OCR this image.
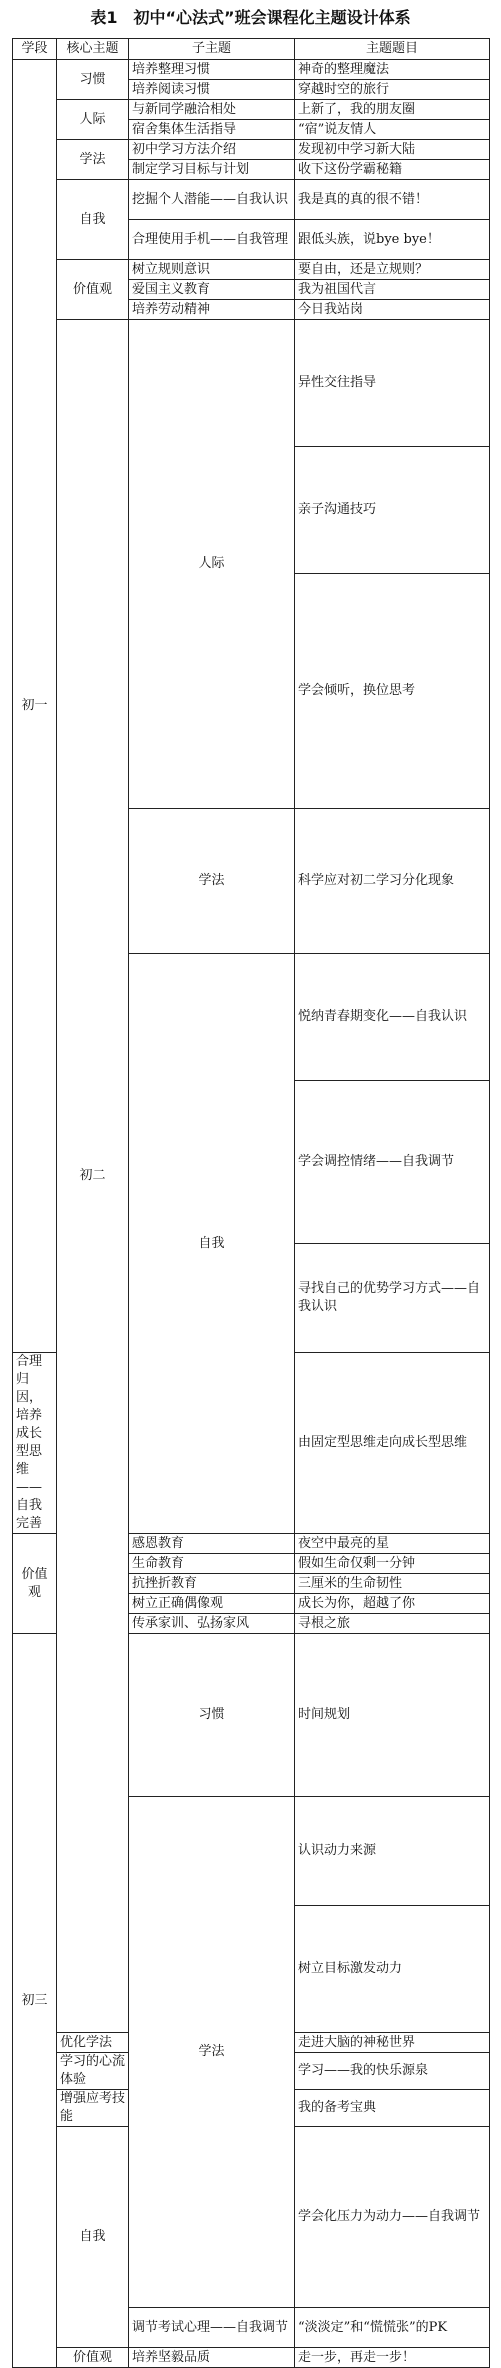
表1　初中“心法式”班会课程化主题设计体系
学段	核心主题	子主题	主题题目	
初一	习惯	培养整理习惯	神奇的整理魔法	
		培养阅读习惯	穿越时空的旅行	
	人际	与新同学融洽相处	上新了，我的朋友圈	
		宿舍集体生活指导	“宿”说友情人	
	学法	初中学习方法介绍	发现初中学习新大陆	
		制定学习目标与计划	收下这份学霸秘籍	
	自我	挖掘个人潜能——自我认识	我是真的真的很不错！	
		合理使用手机——自我管理	跟低头族，说bye bye！	
	价值观	树立规则意识	要自由，还是立规则？	
		爱国主义教育	我为祖国代言	
		培养劳动精神	今日我站岗	
	初二	人际	异性交往指导	
			亲子沟通技巧	
			学会倾听，换位思考	
		学法	科学应对初二学习分化现象	
		自我	悦纳青春期变化——自我认识	
			学会调控情绪——自我调节	
			寻找自己的优势学习方式——自我认识	
合理归因，培养成长型思维——自我完善			由固定型思维走向成长型思维	
价值观		感恩教育	夜空中最亮的星	
		生命教育	假如生命仅剩一分钟	
		抗挫折教育	三厘米的生命韧性	
		树立正确偶像观	成长为你，超越了你	
		传承家训、弘扬家风	寻根之旅	
初三		习惯	时间规划	
		学法	认识动力来源	
			树立目标激发动力	
	优化学法		走进大脑的神秘世界	
	学习的心流体验		学习——我的快乐源泉	
	增强应考技能		我的备考宝典	
	自我		学会化压力为动力——自我调节	
		调节考试心理——自我调节	“淡淡定”和“慌慌张”的PK	
	价值观	培养坚毅品质	走一步，再走一步！	
